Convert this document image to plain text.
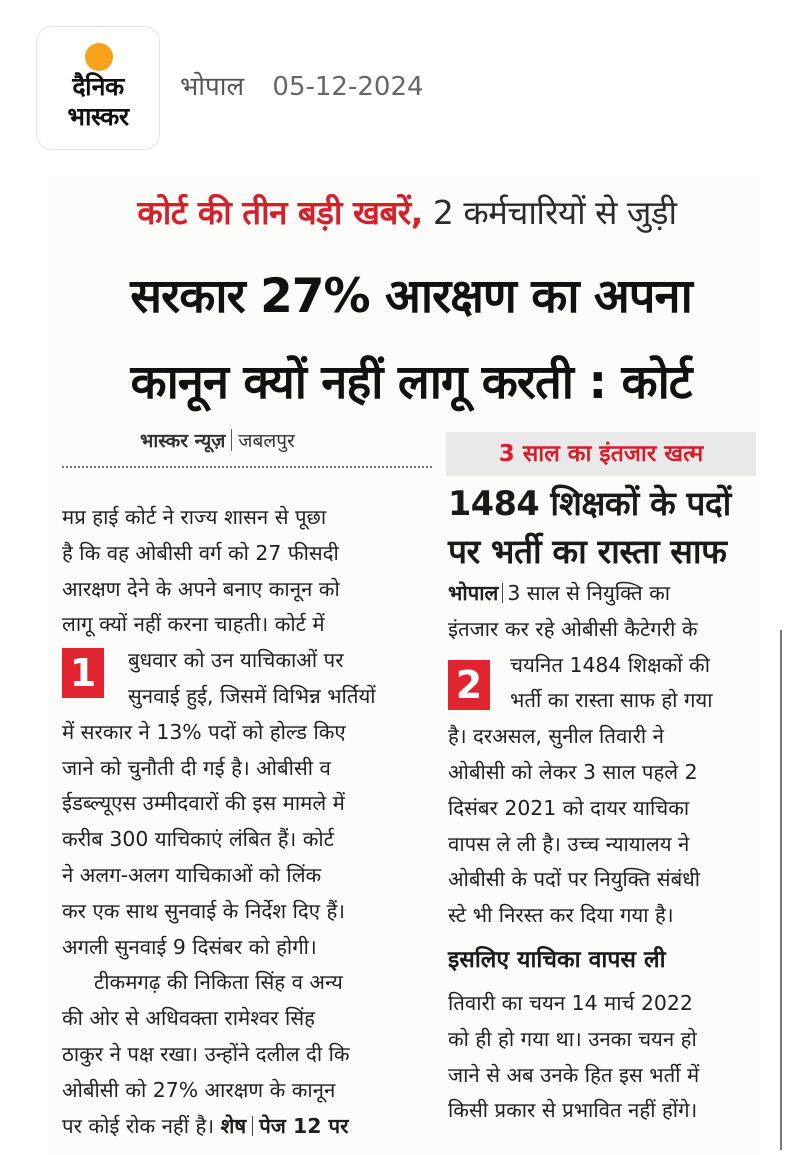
दैनिक
भास्कर
भोपाल 05-12-2024
कोर्ट की तीन बड़ी खबरें, 2 कर्मचारियों से जुड़ी
सरकार 27% आरक्षण का अपना
कानून क्यों नहीं लागू करती : कोर्ट
भास्कर न्यूज़ जबलपुर	3 साल का इंतजार खत्म
1
मप्र हाई कोर्ट ने राज्य शासन से पूछा
है कि वह ओबीसी वर्ग को 27 फीसदी
आरक्षण देने के अपने बनाए कानून को
लागू क्यों नहीं करना चाहती। कोर्ट में
बुधवार को उन याचिकाओं पर
सुनवाई हुई, जिसमें विभिन्न भर्तियों
में सरकार ने 13% पदों को होल्ड किए
जाने को चुनौती दी गई है। ओबीसी व
ईडब्ल्यूएस उम्मीदवारों की इस मामले में
करीब 300 याचिकाएं लंबित हैं। कोर्ट
ने अलग-अलग याचिकाओं को लिंक
कर एक साथ सुनवाई के निर्देश दिए हैं।
अगली सुनवाई 9 दिसंबर को होगी।
टीकमगढ़ की निकिता सिंह व अन्य
की ओर से अधिवक्ता रामेश्वर सिंह
ठाकुर ने पक्ष रखा। उन्होंने दलील दी कि
ओबीसी को 27% आरक्षण के कानून
पर कोई रोक नहीं है। शेष पेज 12 पर
1484 शिक्षकों के पदों
पर भर्ती का रास्ता साफ
2
भोपाल 3 साल से नियुक्ति का
इंतजार कर रहे ओबीसी कैटेगरी के
चयनित 1484 शिक्षकों की
भर्ती का रास्ता साफ हो गया
है। दरअसल, सुनील तिवारी ने
ओबीसी को लेकर 3 साल पहले 2
दिसंबर 2021 को दायर याचिका
वापस ले ली है। उच्च न्यायालय ने
ओबीसी के पदों पर नियुक्ति संबंधी
स्टे भी निरस्त कर दिया गया है।
इसलिए याचिका वापस ली
तिवारी का चयन 14 मार्च 2022
को ही हो गया था। उनका चयन हो
जाने से अब उनके हित इस भर्ती में
किसी प्रकार से प्रभावित नहीं होंगे।
